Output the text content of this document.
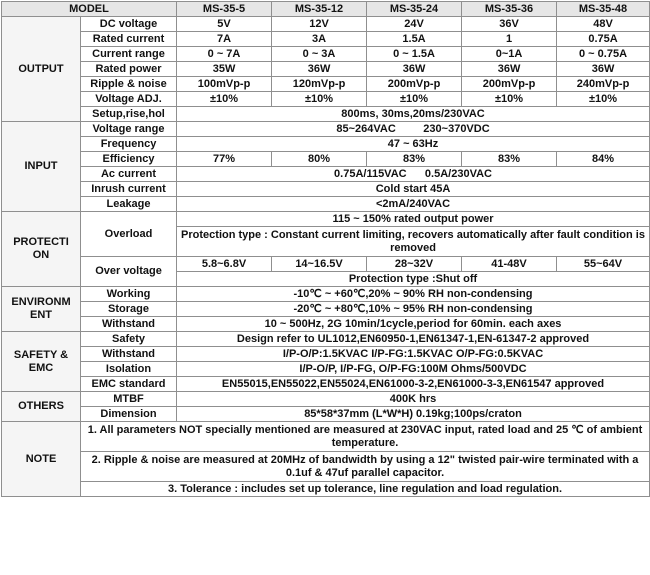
MODEL		MS-35-5	MS-35-12	MS-35-24	MS-35-36	MS-35-48
OUTPUT	DC voltage	5V	12V	24V	36V	48V
	Rated current	7A	3A	1.5A	1	0.75A
	Current range	0 ~ 7A	0 ~ 3A	0 ~ 1.5A	0~1A	0 ~ 0.75A
	Rated power	35W	36W	36W	36W	36W
	Ripple & noise	100mVp-p	120mVp-p	200mVp-p	200mVp-p	240mVp-p
	Voltage ADJ.	±10%	±10%	±10%	±10%	±10%
	Setup,rise,hol	800ms, 30ms,20ms/230VAC				
INPUT	Voltage range	85~264VAC         230~370VDC				
	Frequency	47 ~ 63Hz				
	Efficiency	77%	80%	83%	83%	84%
	Ac current	0.75A/115VAC      0.5A/230VAC				
	Inrush current	Cold start 45A				
	Leakage	<2mA/240VAC				
PROTECTI ON	Overload	115 ~ 150% rated output power				
		Protection type : Constant current limiting, recovers automatically after fault condition is removed				
	Over voltage	5.8~6.8V	14~16.5V	28~32V	41-48V	55~64V
		Protection type :Shut off				
ENVIRONM ENT	Working	-10℃ ~ +60℃,20% ~ 90% RH non-condensing				
	Storage	-20℃ ~ +80℃,10% ~ 95% RH non-condensing				
	Withstand	10 ~ 500Hz, 2G 10min/1cycle,period for 60min. each axes				
SAFETY & EMC	Safety	Design refer to UL1012,EN60950-1,EN61347-1,EN-61347-2 approved				
	Withstand	I/P-O/P:1.5KVAC I/P-FG:1.5KVAC O/P-FG:0.5KVAC				
	Isolation	I/P-O/P, I/P-FG, O/P-FG:100M Ohms/500VDC				
	EMC standard	EN55015,EN55022,EN55024,EN61000-3-2,EN61000-3-3,EN61547 approved				
OTHERS	MTBF	400K hrs				
	Dimension	85*58*37mm (L*W*H) 0.19kg;100ps/craton				
NOTE	1. All parameters NOT specially mentioned are measured at 230VAC input, rated load and 25 ℃ of ambient temperature.					
	2. Ripple & noise are measured at 20MHz of bandwidth by using a 12" twisted pair-wire terminated with a 0.1uf & 47uf parallel capacitor.					
	3. Tolerance : includes set up tolerance, line regulation and load regulation.					
